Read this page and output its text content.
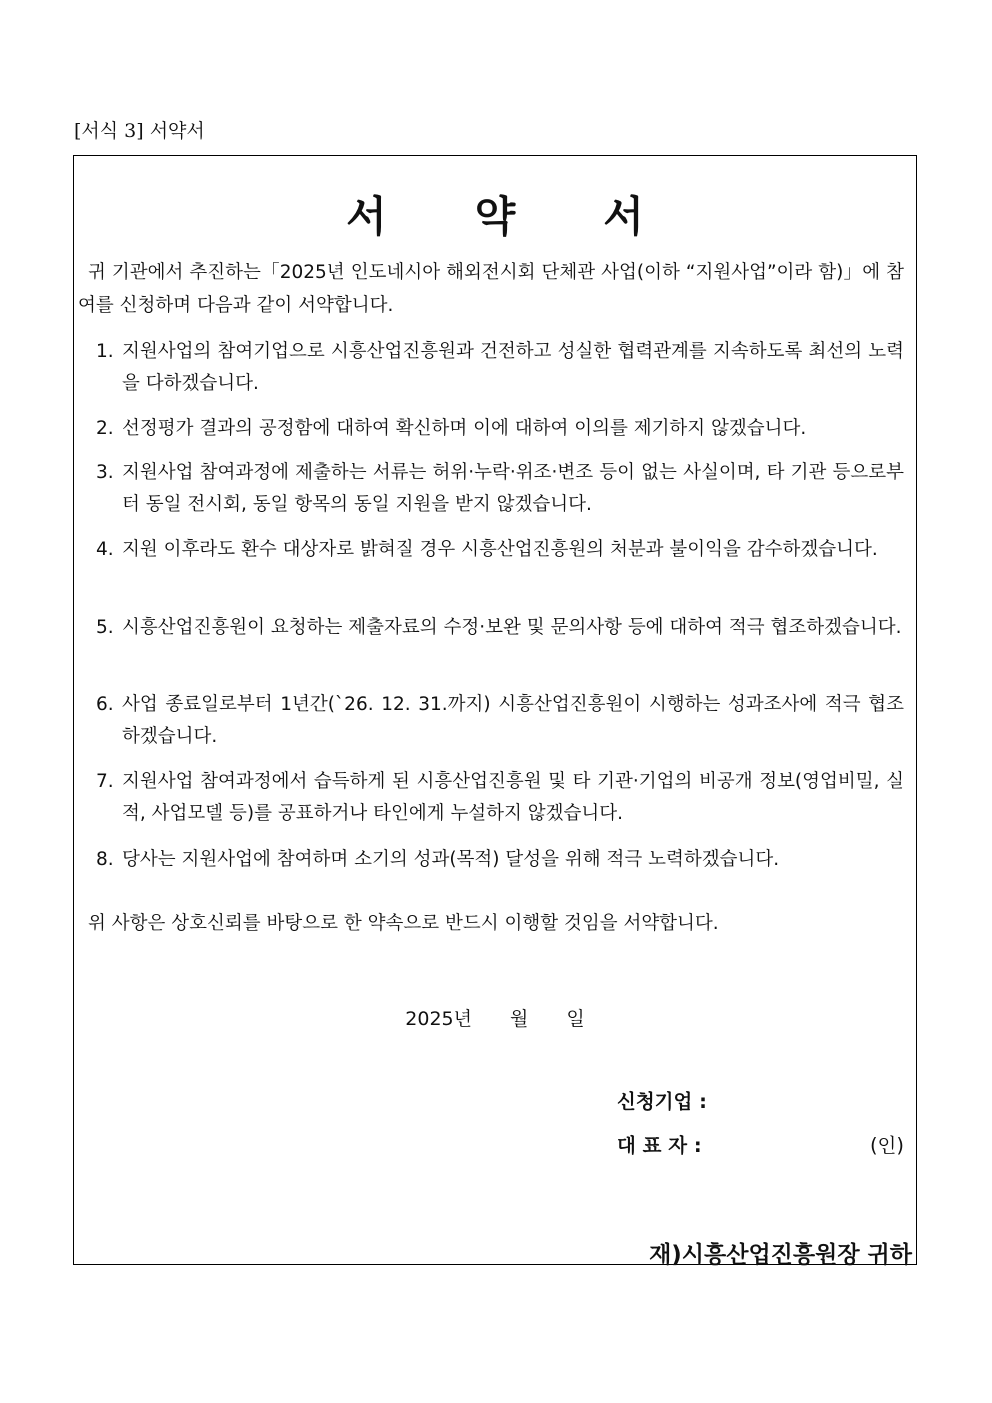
[서식 3] 서약서
서 약 서
귀 기관에서 추진하는「2025년 인도네시아 해외전시회 단체관 사업(이하 “지원사업”이라 함)」에 참여를 신청하며 다음과 같이 서약합니다.
1. 지원사업의 참여기업으로 시흥산업진흥원과 건전하고 성실한 협력관계를 지속하도록 최선의 노력을 다하겠습니다.
2. 선정평가 결과의 공정함에 대하여 확신하며 이에 대하여 이의를 제기하지 않겠습니다.
3. 지원사업 참여과정에 제출하는 서류는 허위·누락·위조·변조 등이 없는 사실이며, 타 기관 등으로부터 동일 전시회, 동일 항목의 동일 지원을 받지 않겠습니다.
4. 지원 이후라도 환수 대상자로 밝혀질 경우 시흥산업진흥원의 처분과 불이익을 감수하겠습니다.
5. 시흥산업진흥원이 요청하는 제출자료의 수정·보완 및 문의사항 등에 대하여 적극 협조하겠습니다.
6. 사업 종료일로부터 1년간(`26. 12. 31.까지) 시흥산업진흥원이 시행하는 성과조사에 적극 협조하겠습니다.
7. 지원사업 참여과정에서 습득하게 된 시흥산업진흥원 및 타 기관·기업의 비공개 정보(영업비밀, 실적, 사업모델 등)를 공표하거나 타인에게 누설하지 않겠습니다.
8. 당사는 지원사업에 참여하며 소기의 성과(목적) 달성을 위해 적극 노력하겠습니다.
위 사항은 상호신뢰를 바탕으로 한 약속으로 반드시 이행할 것임을 서약합니다.
2025년 월 일
신청기업 :
대 표 자 :	(인)
재)시흥산업진흥원장 귀하
